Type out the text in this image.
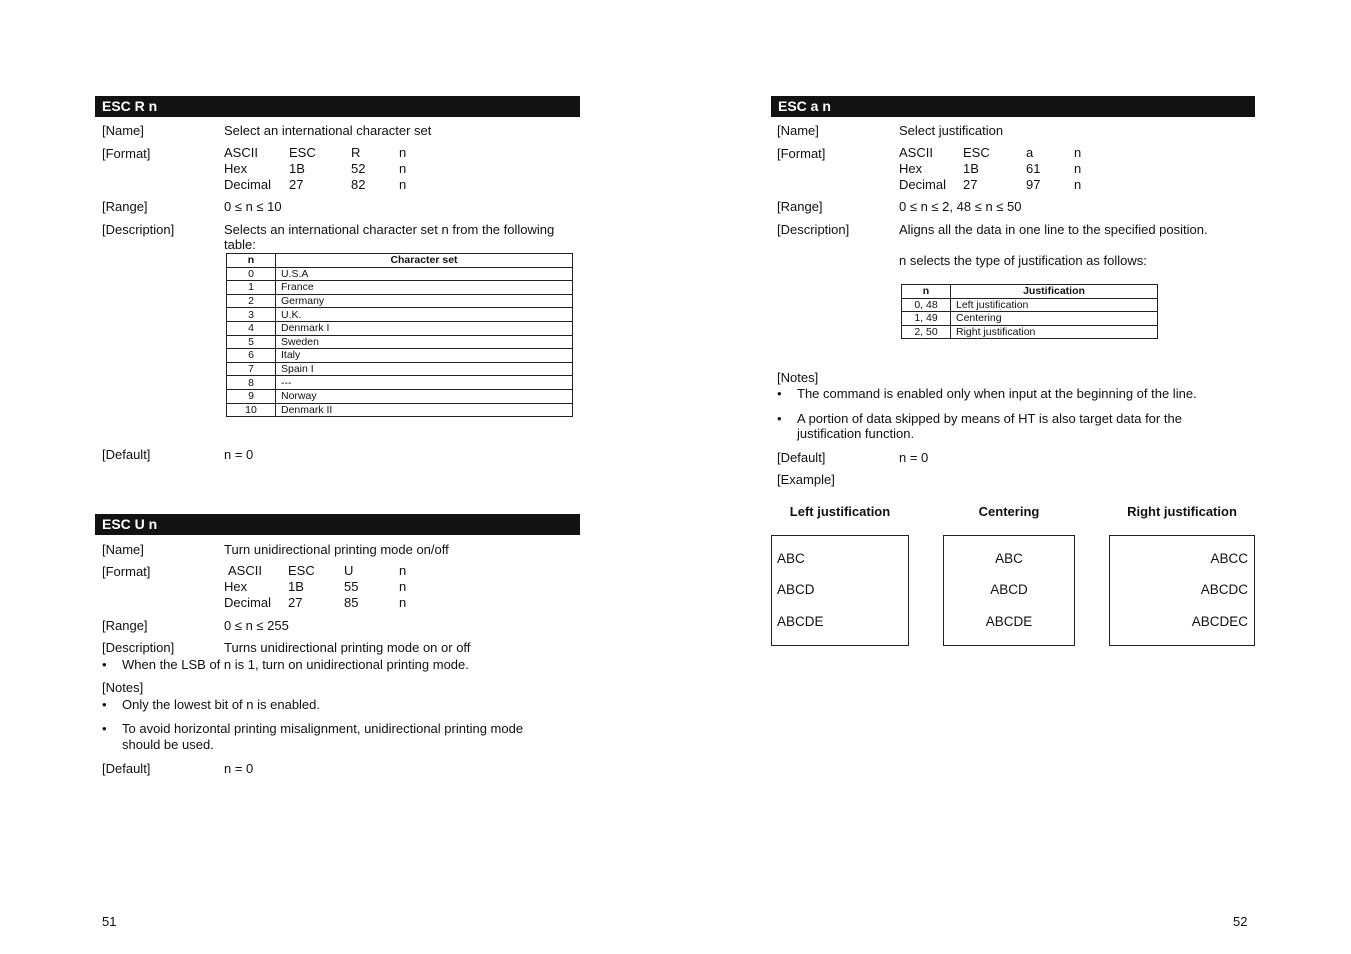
ESC R n
[Name]	Select an international character set
[Format]	ASCII ESC	R	n
Hex	1B	52	n
Decimal 27	82	n
[Range]	0 ≤ n ≤ 10
[Description]	Selects an international character set n from the following
table:
n	Character set
0	U.S.A
1	France
2	Germany
3	U.K.
4	Denmark I
5	Sweden
6	Italy
7	Spain I
8	---
9	Norway
10	Denmark II
[Default]	n = 0
ESC U n
[Name]	Turn unidirectional printing mode on/off
[Format]	ASCII ESC U	n
Hex	1B	55	n
Decimal 27	85	n
[Range]	0 ≤ n ≤ 255
[Description]	Turns unidirectional printing mode on or off
• When the LSB of n is 1, turn on unidirectional printing mode.
[Notes]
• Only the lowest bit of n is enabled.
• To avoid horizontal printing misalignment, unidirectional printing mode
should be used.
[Default]	n = 0
51
ESC a n
[Name]	Select justification
[Format]	ASCII ESC	a	n
Hex	1B	61	n
Decimal 27	97	n
[Range]	0 ≤ n ≤ 2, 48 ≤ n ≤ 50
[Description]	Aligns all the data in one line to the specified position.
n selects the type of justification as follows:
n	Justification
0, 48	Left justification
1, 49	Centering
2, 50	Right justification
[Notes]
• The command is enabled only when input at the beginning of the line.
• A portion of data skipped by means of HT is also target data for the
justification function.
[Default]	n = 0
[Example]
Left justification	Centering	Right justification
ABC
ABCD
ABCDE
ABC
ABCD
ABCDE
ABCC
ABCDC
ABCDEC
52
